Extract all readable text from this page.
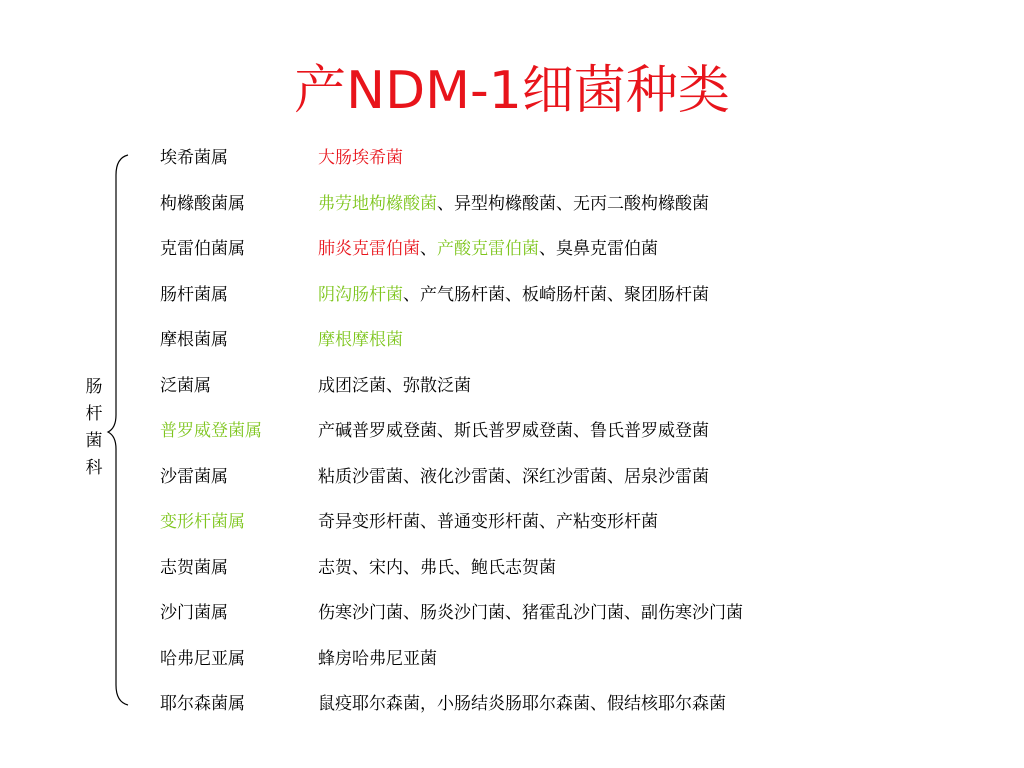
产NDM-1细菌种类
肠
杆
菌
科
埃希菌属	大肠埃希菌
枸橼酸菌属	弗劳地枸橼酸菌、异型枸橼酸菌、无丙二酸枸橼酸菌
克雷伯菌属	肺炎克雷伯菌、产酸克雷伯菌、臭鼻克雷伯菌
肠杆菌属	阴沟肠杆菌、产气肠杆菌、板崎肠杆菌、聚团肠杆菌
摩根菌属	摩根摩根菌
泛菌属	成团泛菌、弥散泛菌
普罗威登菌属	产碱普罗威登菌、斯氏普罗威登菌、鲁氏普罗威登菌
沙雷菌属	粘质沙雷菌、液化沙雷菌、深红沙雷菌、居泉沙雷菌
变形杆菌属	奇异变形杆菌、普通变形杆菌、产粘变形杆菌
志贺菌属	志贺、宋内、弗氏、鲍氏志贺菌
沙门菌属	伤寒沙门菌、肠炎沙门菌、猪霍乱沙门菌、副伤寒沙门菌
哈弗尼亚属	蜂房哈弗尼亚菌
耶尔森菌属	鼠疫耶尔森菌，小肠结炎肠耶尔森菌、假结核耶尔森菌
